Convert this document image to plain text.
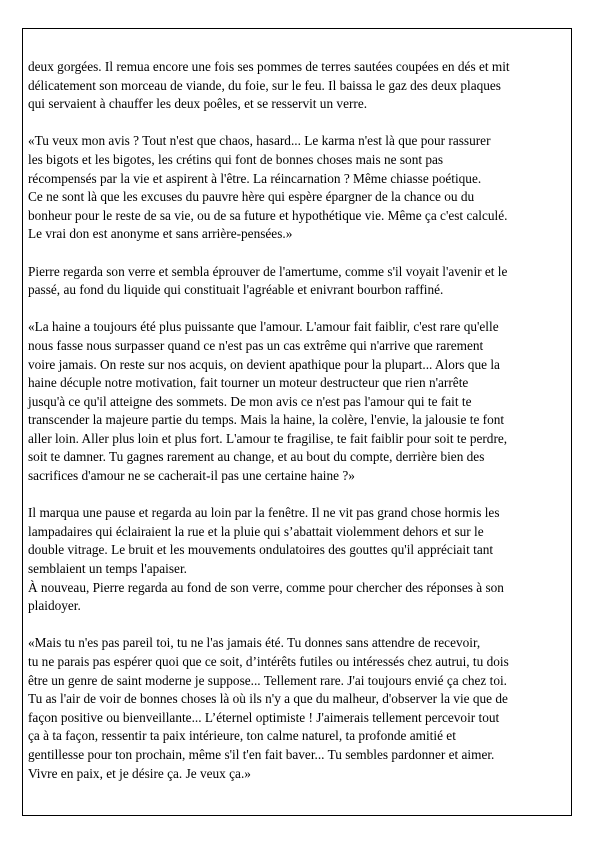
deux gorgées. Il remua encore une fois ses pommes de terres sautées coupées en dés et mit
délicatement son morceau de viande, du foie, sur le feu. Il baissa le gaz des deux plaques
qui servaient à chauffer les deux poêles, et se resservit un verre.
«Tu veux mon avis ? Tout n'est que chaos, hasard... Le karma n'est là que pour rassurer
les bigots et les bigotes, les crétins qui font de bonnes choses mais ne sont pas
récompensés par la vie et aspirent à l'être. La réincarnation ? Même chiasse poétique.
Ce ne sont là que les excuses du pauvre hère qui espère épargner de la chance ou du
bonheur pour le reste de sa vie, ou de sa future et hypothétique vie. Même ça c'est calculé.
Le vrai don est anonyme et sans arrière-pensées.»
Pierre regarda son verre et sembla éprouver de l'amertume, comme s'il voyait l'avenir et le
passé, au fond du liquide qui constituait l'agréable et enivrant bourbon raffiné.
«La haine a toujours été plus puissante que l'amour. L'amour fait faiblir, c'est rare qu'elle
nous fasse nous surpasser quand ce n'est pas un cas extrême qui n'arrive que rarement
voire jamais. On reste sur nos acquis, on devient apathique pour la plupart... Alors que la
haine décuple notre motivation, fait tourner un moteur destructeur que rien n'arrête
jusqu'à ce qu'il atteigne des sommets. De mon avis ce n'est pas l'amour qui te fait te
transcender la majeure partie du temps. Mais la haine, la colère, l'envie, la jalousie te font
aller loin. Aller plus loin et plus fort. L'amour te fragilise, te fait faiblir pour soit te perdre,
soit te damner. Tu gagnes rarement au change, et au bout du compte, derrière bien des
sacrifices d'amour ne se cacherait-il pas une certaine haine ?»
Il marqua une pause et regarda au loin par la fenêtre. Il ne vit pas grand chose hormis les
lampadaires qui éclairaient la rue et la pluie qui s’abattait violemment dehors et sur le
double vitrage. Le bruit et les mouvements ondulatoires des gouttes qu'il appréciait tant
semblaient un temps l'apaiser.
À nouveau, Pierre regarda au fond de son verre, comme pour chercher des réponses à son
plaidoyer.
«Mais tu n'es pas pareil toi, tu ne l'as jamais été. Tu donnes sans attendre de recevoir,
tu ne parais pas espérer quoi que ce soit, d’intérêts futiles ou intéressés chez autrui, tu dois
être un genre de saint moderne je suppose... Tellement rare. J'ai toujours envié ça chez toi.
Tu as l'air de voir de bonnes choses là où ils n'y a que du malheur, d'observer la vie que de
façon positive ou bienveillante... L’éternel optimiste ! J'aimerais tellement percevoir tout
ça à ta façon, ressentir ta paix intérieure, ton calme naturel, ta profonde amitié et
gentillesse pour ton prochain, même s'il t'en fait baver... Tu sembles pardonner et aimer.
Vivre en paix, et je désire ça. Je veux ça.»
